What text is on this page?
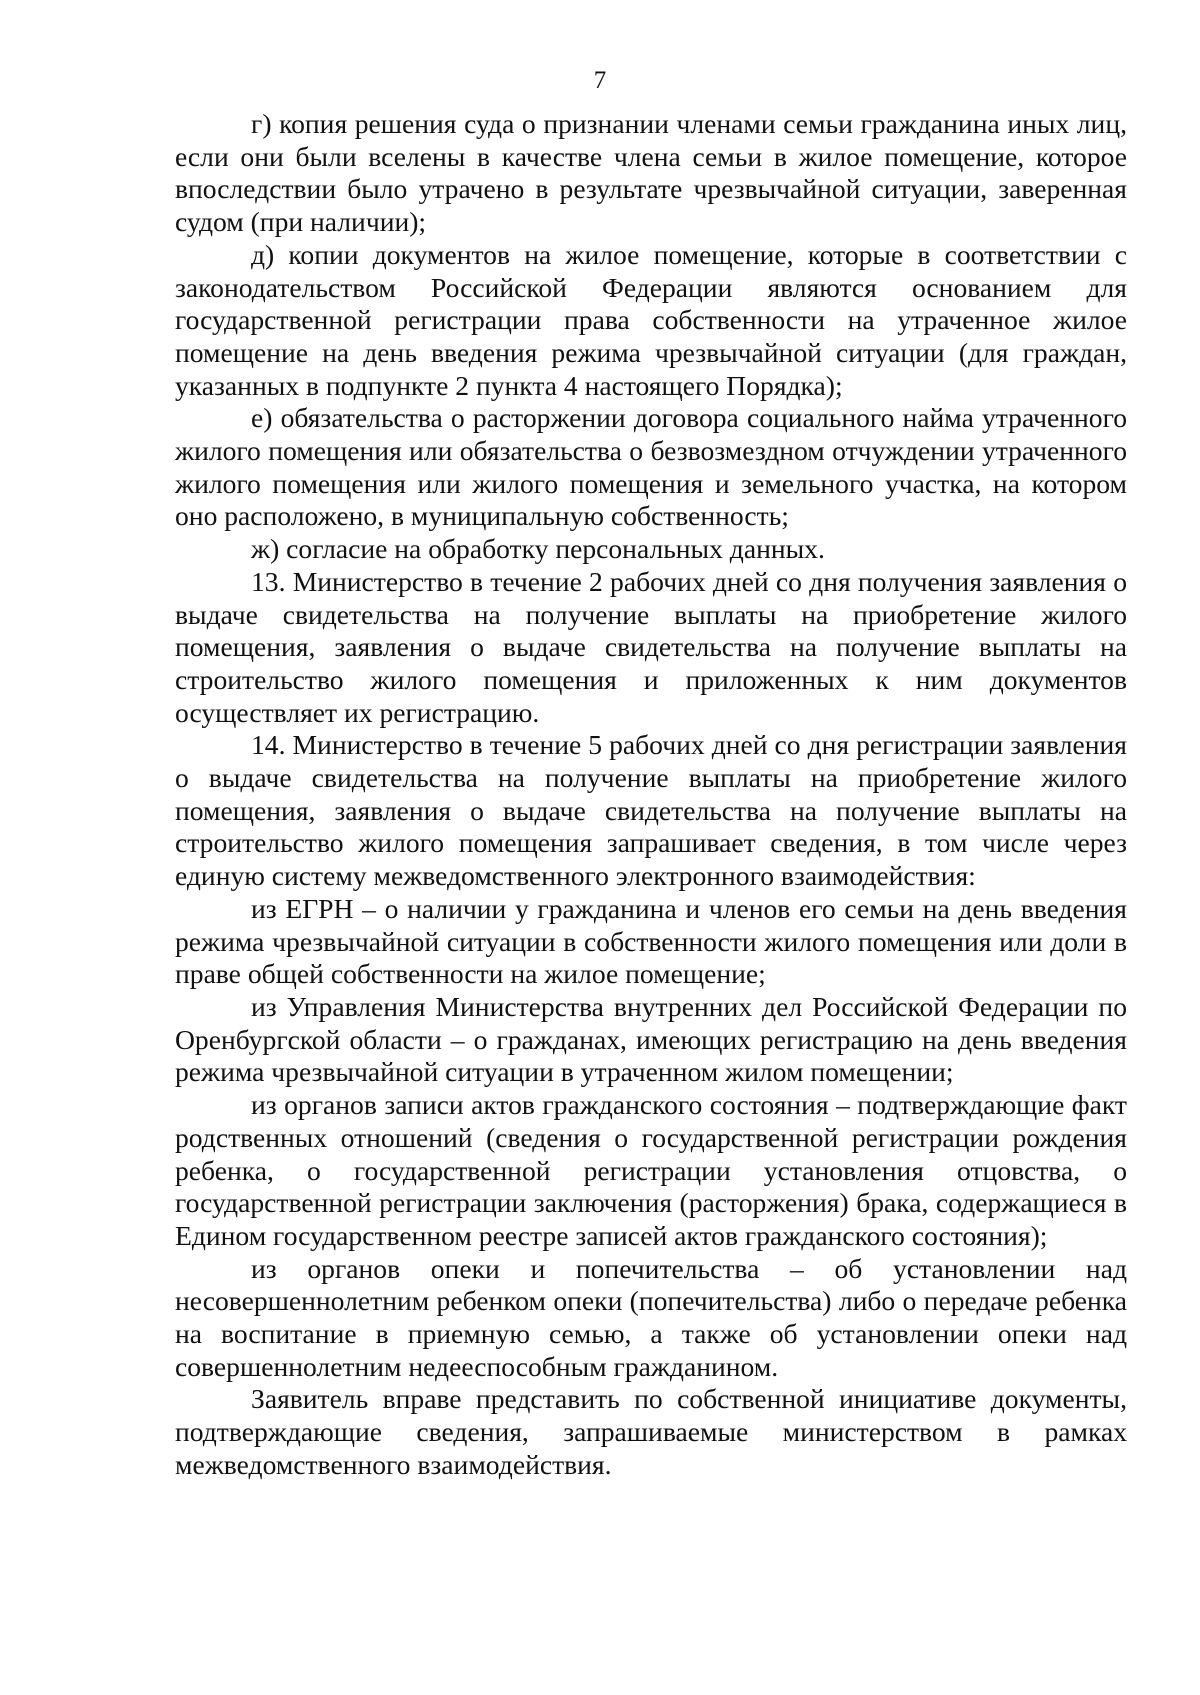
7

г) копия решения суда о признании членами семьи гражданина иных лиц, если они были вселены в качестве члена семьи в жилое помещение, которое впоследствии было утрачено в результате чрезвычайной ситуации, заверенная судом (при наличии);

д) копии документов на жилое помещение, которые в соответствии с законодательством Российской Федерации являются основанием для государственной регистрации права собственности на утраченное жилое помещение на день введения режима чрезвычайной ситуации (для граждан, указанных в подпункте 2 пункта 4 настоящего Порядка);

е) обязательства о расторжении договора социального найма утраченного жилого помещения или обязательства о безвозмездном отчуждении утраченного жилого помещения или жилого помещения и земельного участка, на котором оно расположено, в муниципальную собственность;

ж) согласие на обработку персональных данных.

13. Министерство в течение 2 рабочих дней со дня получения заявления о выдаче свидетельства на получение выплаты на приобретение жилого помещения, заявления о выдаче свидетельства на получение выплаты на строительство жилого помещения и приложенных к ним документов осуществляет их регистрацию.

14. Министерство в течение 5 рабочих дней со дня регистрации заявления о выдаче свидетельства на получение выплаты на приобретение жилого помещения, заявления о выдаче свидетельства на получение выплаты на строительство жилого помещения запрашивает сведения, в том числе через единую систему межведомственного электронного взаимодействия:

из ЕГРН – о наличии у гражданина и членов его семьи на день введения режима чрезвычайной ситуации в собственности жилого помещения или доли в праве общей собственности на жилое помещение;

из Управления Министерства внутренних дел Российской Федерации по Оренбургской области – о гражданах, имеющих регистрацию на день введения режима чрезвычайной ситуации в утраченном жилом помещении;

из органов записи актов гражданского состояния – подтверждающие факт родственных отношений (сведения о государственной регистрации рождения ребенка, о государственной регистрации установления отцовства, о государственной регистрации заключения (расторжения) брака, содержащиеся в Едином государственном реестре записей актов гражданского состояния);

из органов опеки и попечительства – об установлении над несовершеннолетним ребенком опеки (попечительства) либо о передаче ребенка на воспитание в приемную семью, а также об установлении опеки над совершеннолетним недееспособным гражданином.

Заявитель вправе представить по собственной инициативе документы, подтверждающие сведения, запрашиваемые министерством в рамках межведомственного взаимодействия.
